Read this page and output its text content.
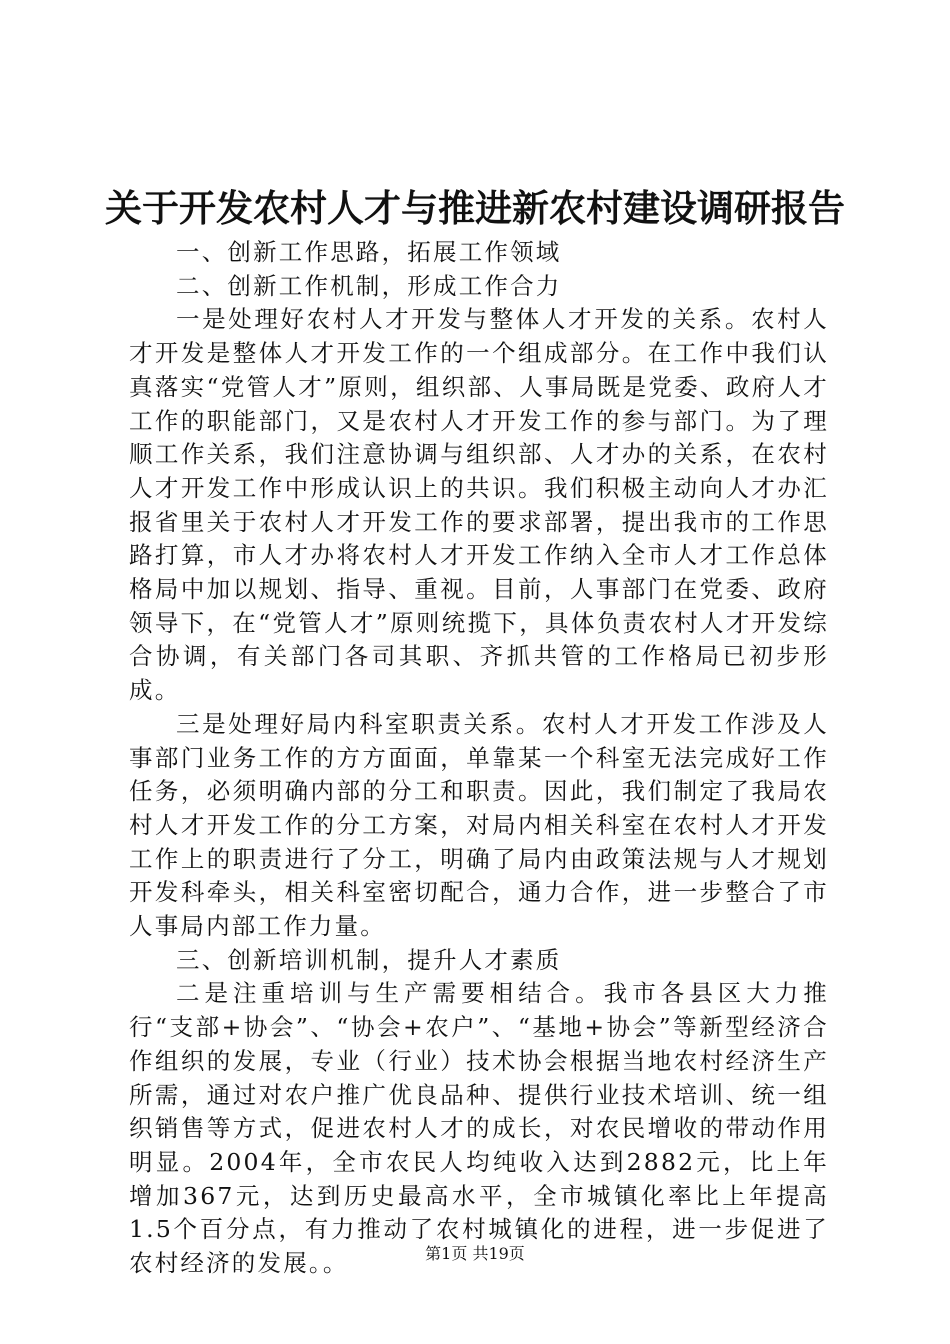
关于开发农村人才与推进新农村建设调研报告

一、创新工作思路，拓展工作领域

二、创新工作机制，形成工作合力

一是处理好农村人才开发与整体人才开发的关系。农村人才开发是整体人才开发工作的一个组成部分。在工作中我们认真落实“党管人才”原则，组织部、人事局既是党委、政府人才工作的职能部门，又是农村人才开发工作的参与部门。为了理顺工作关系，我们注意协调与组织部、人才办的关系，在农村人才开发工作中形成认识上的共识。我们积极主动向人才办汇报省里关于农村人才开发工作的要求部署，提出我市的工作思路打算，市人才办将农村人才开发工作纳入全市人才工作总体格局中加以规划、指导、重视。目前，人事部门在党委、政府领导下，在“党管人才”原则统揽下，具体负责农村人才开发综合协调，有关部门各司其职、齐抓共管的工作格局已初步形成。

三是处理好局内科室职责关系。农村人才开发工作涉及人事部门业务工作的方方面面，单靠某一个科室无法完成好工作任务，必须明确内部的分工和职责。因此，我们制定了我局农村人才开发工作的分工方案，对局内相关科室在农村人才开发工作上的职责进行了分工，明确了局内由政策法规与人才规划开发科牵头，相关科室密切配合，通力合作，进一步整合了市人事局内部工作力量。

三、创新培训机制，提升人才素质

二是注重培训与生产需要相结合。我市各县区大力推行“支部+协会”、“协会+农户”、“基地+协会”等新型经济合作组织的发展，专业（行业）技术协会根据当地农村经济生产所需，通过对农户推广优良品种、提供行业技术培训、统一组织销售等方式，促进农村人才的成长，对农民增收的带动作用明显。2004年，全市农民人均纯收入达到2882元，比上年增加367元，达到历史最高水平，全市城镇化率比上年提高1.5个百分点，有力推动了农村城镇化的进程，进一步促进了农村经济的发展。。	第1页 共19页
